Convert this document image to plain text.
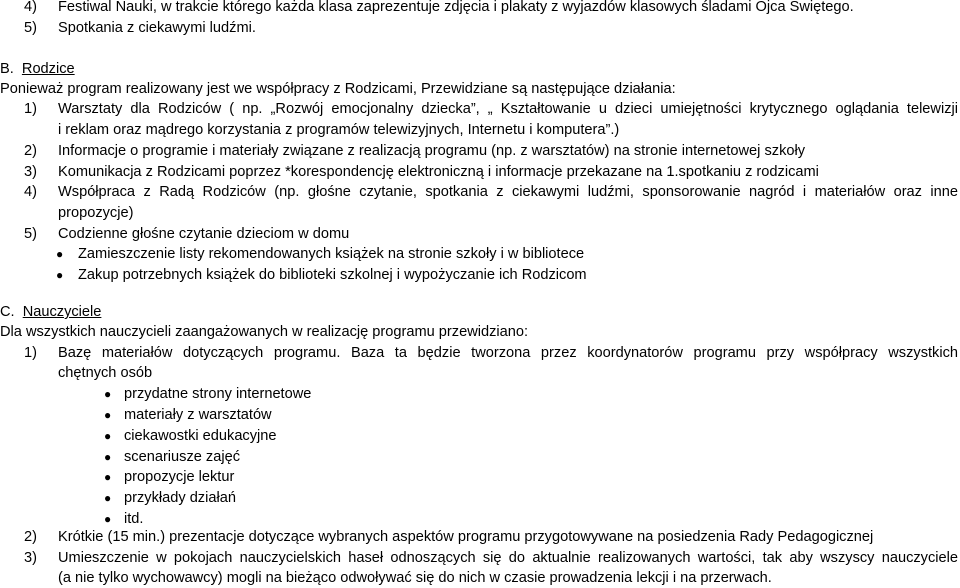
4) Festiwal Nauki, w trakcie którego każda klasa zaprezentuje zdjęcia i plakaty z wyjazdów klasowych śladami Ojca Świętego.
5) Spotkania z ciekawymi ludźmi.
B. Rodzice
Ponieważ program realizowany jest we współpracy z Rodzicami, Przewidziane są następujące działania:
1) Warsztaty dla Rodziców ( np. „Rozwój emocjonalny dziecka”, „ Kształtowanie u dzieci umiejętności krytycznego oglądania telewizji
i reklam oraz mądrego korzystania z programów telewizyjnych, Internetu i komputera”.)
2) Informacje o programie i materiały związane z realizacją programu (np. z warsztatów) na stronie internetowej szkoły
3) Komunikacja z Rodzicami poprzez *korespondencję elektroniczną i informacje przekazane na 1.spotkaniu z rodzicami
4) Współpraca z Radą Rodziców (np. głośne czytanie, spotkania z ciekawymi ludźmi, sponsorowanie nagród i materiałów oraz inne
propozycje)
5) Codzienne głośne czytanie dzieciom w domu
● Zamieszczenie listy rekomendowanych książek na stronie szkoły i w bibliotece
● Zakup potrzebnych książek do biblioteki szkolnej i wypożyczanie ich Rodzicom
C. Nauczyciele
Dla wszystkich nauczycieli zaangażowanych w realizację programu przewidziano:
1) Bazę materiałów dotyczących programu. Baza ta będzie tworzona przez koordynatorów programu przy współpracy wszystkich
chętnych osób
● przydatne strony internetowe
● materiały z warsztatów
● ciekawostki edukacyjne
● scenariusze zajęć
● propozycje lektur
● przykłady działań
● itd.
2) Krótkie (15 min.) prezentacje dotyczące wybranych aspektów programu przygotowywane na posiedzenia Rady Pedagogicznej
3) Umieszczenie w pokojach nauczycielskich haseł odnoszących się do aktualnie realizowanych wartości, tak aby wszyscy nauczyciele
(a nie tylko wychowawcy) mogli na bieżąco odwoływać się do nich w czasie prowadzenia lekcji i na przerwach.
